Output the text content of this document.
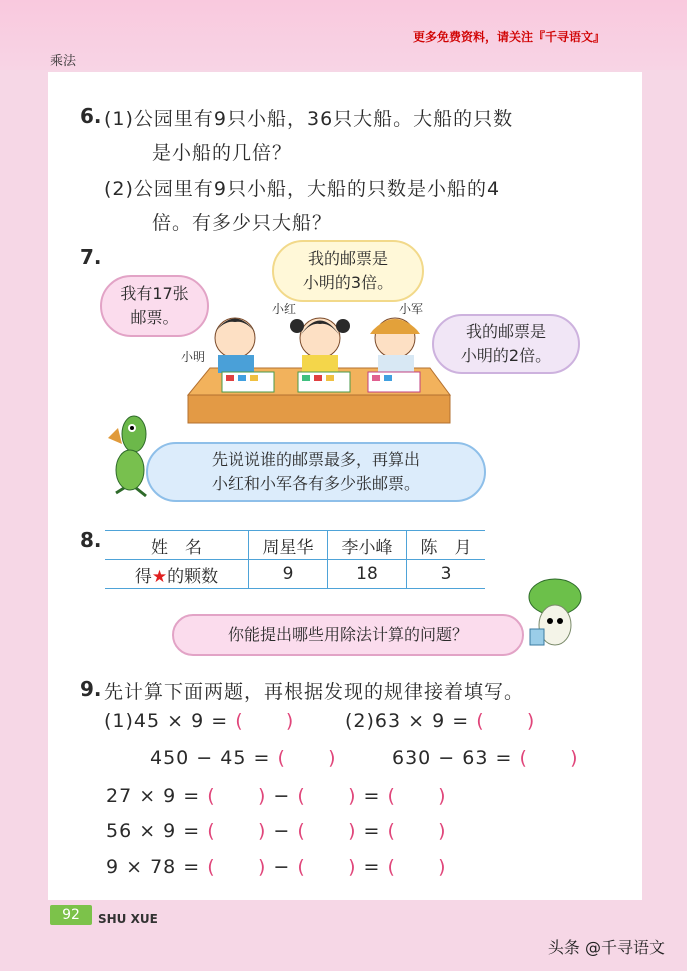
更多免费资料，请关注『千寻语文』
乘法
6. (1)公园里有9只小船，36只大船。大船的只数
是小船的几倍？
(2)公园里有9只小船，大船的只数是小船的4
倍。有多少只大船？
7.
我有17张
邮票。
我的邮票是
小明的3倍。
我的邮票是
小明的2倍。
小明
小红	小军
先说说谁的邮票最多，再算出
小红和小军各有多少张邮票。
8.	姓　名	周星华	李小峰	陈　月
得★的颗数	9	18	3
你能提出哪些用除法计算的问题？
9. 先计算下面两题，再根据发现的规律接着填写。
(1)45 × 9 = ( )	(2)63 × 9 = ( )
450 − 45 = ( )	630 − 63 = ( )
27 × 9 = ( ) − ( ) = ( )
56 × 9 = ( ) − ( ) = ( )
9 × 78 = ( ) − ( ) = ( )
92	SHU XUE
头条 @千寻语文
